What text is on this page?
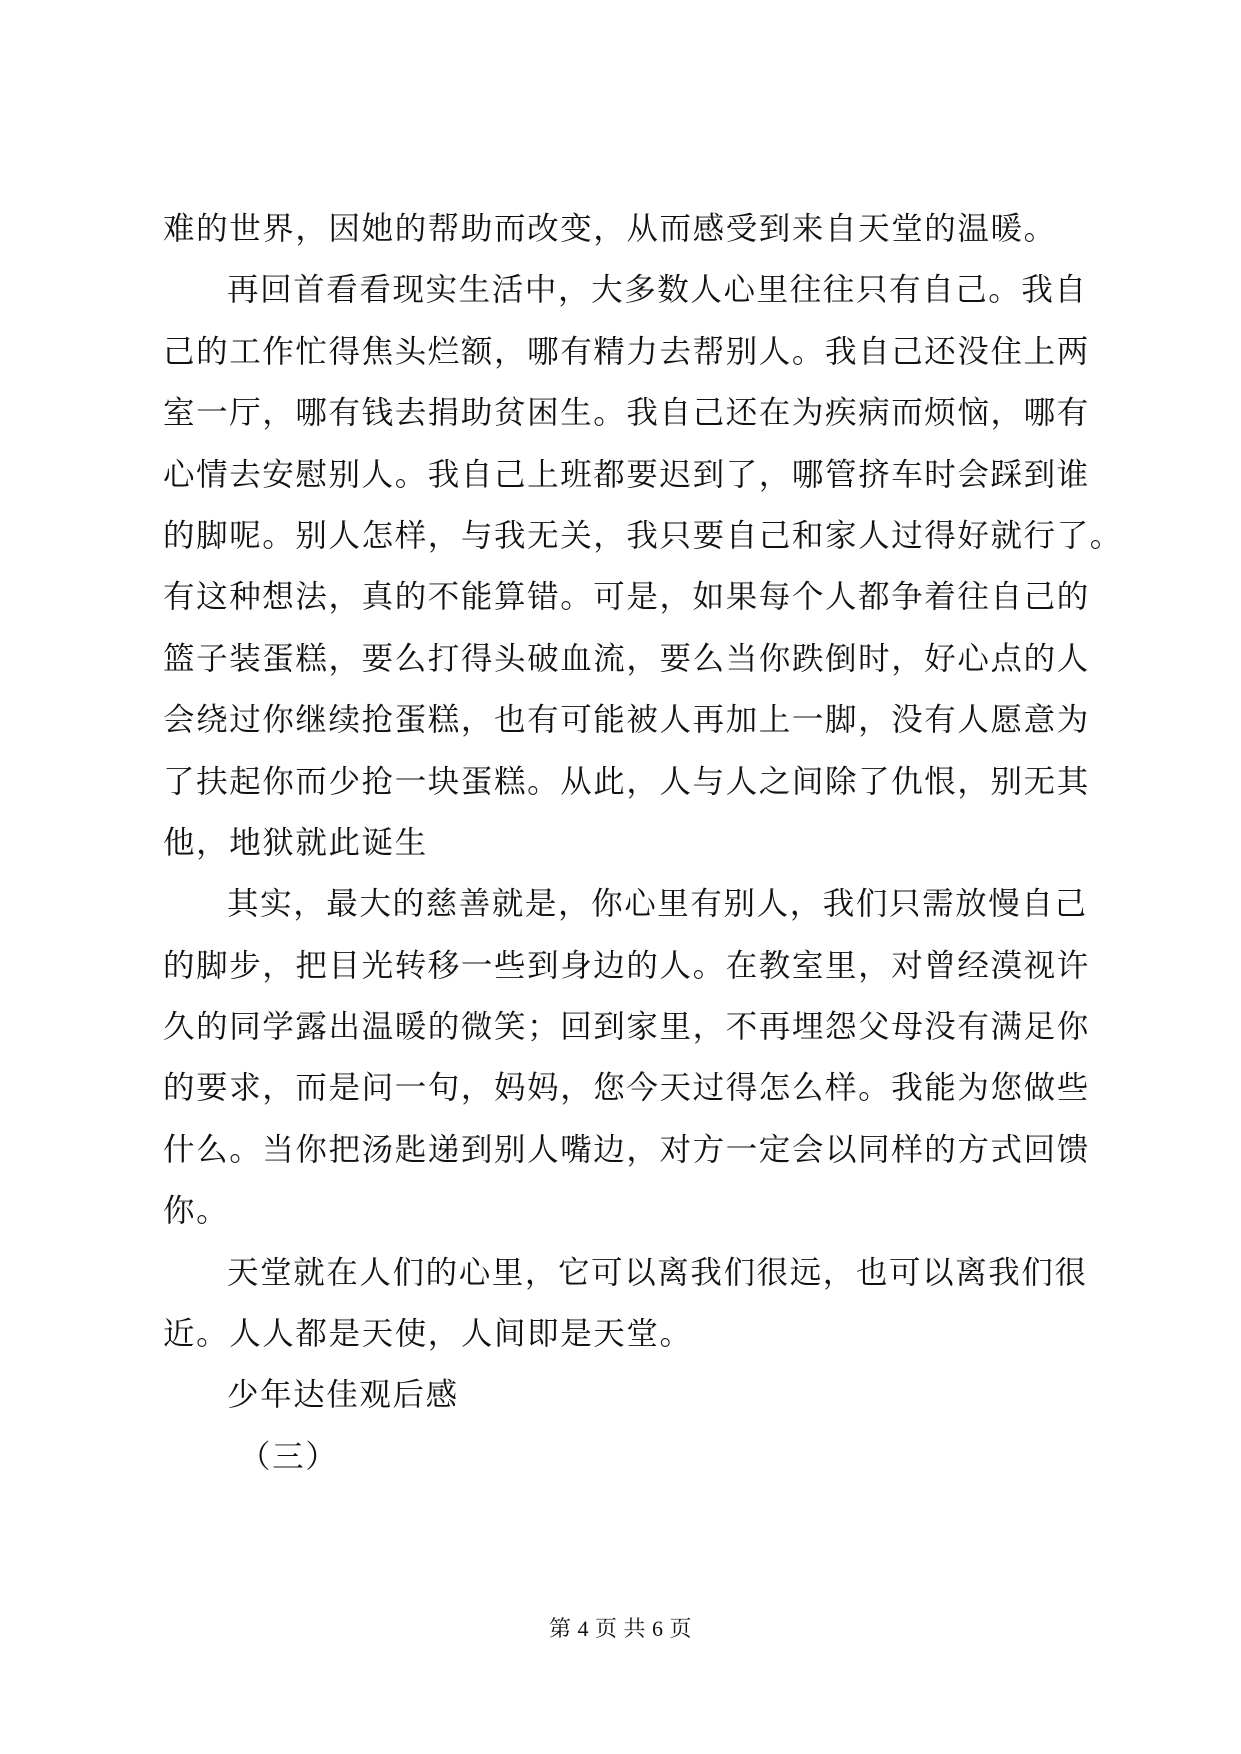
难的世界，因她的帮助而改变，从而感受到来自天堂的温暖。
再回首看看现实生活中，大多数人心里往往只有自己。我自
己的工作忙得焦头烂额，哪有精力去帮别人。我自己还没住上两
室一厅，哪有钱去捐助贫困生。我自己还在为疾病而烦恼，哪有
心情去安慰别人。我自己上班都要迟到了，哪管挤车时会踩到谁
的脚呢。别人怎样，与我无关，我只要自己和家人过得好就行了。
有这种想法，真的不能算错。可是，如果每个人都争着往自己的
篮子装蛋糕，要么打得头破血流，要么当你跌倒时，好心点的人
会绕过你继续抢蛋糕，也有可能被人再加上一脚，没有人愿意为
了扶起你而少抢一块蛋糕。从此，人与人之间除了仇恨，别无其
他，地狱就此诞生
其实，最大的慈善就是，你心里有别人，我们只需放慢自己
的脚步，把目光转移一些到身边的人。在教室里，对曾经漠视许
久的同学露出温暖的微笑；回到家里，不再埋怨父母没有满足你
的要求，而是问一句，妈妈，您今天过得怎么样。我能为您做些
什么。当你把汤匙递到别人嘴边，对方一定会以同样的方式回馈
你。
天堂就在人们的心里，它可以离我们很远，也可以离我们很
近。人人都是天使，人间即是天堂。
少年达佳观后感
（三）
第 4 页 共 6 页
